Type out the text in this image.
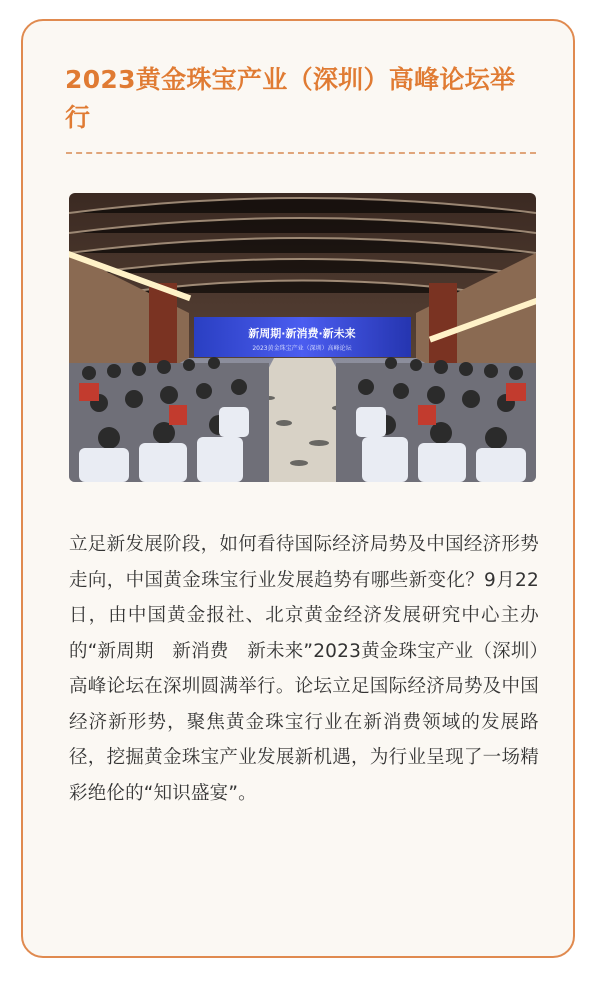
2023黄金珠宝产业（深圳）高峰论坛举行
新周期·新消费·新未来
2023黄金珠宝产业（深圳）高峰论坛

立足新发展阶段，如何看待国际经济局势及中国经济形势走向，中国黄金珠宝行业发展趋势有哪些新变化？9月22日，由中国黄金报社、北京黄金经济发展研究中心主办的“新周期　新消费　新未来”2023黄金珠宝产业（深圳）高峰论坛在深圳圆满举行。论坛立足国际经济局势及中国经济新形势，聚焦黄金珠宝行业在新消费领域的发展路径，挖掘黄金珠宝产业发展新机遇，为行业呈现了一场精彩绝伦的“知识盛宴”。
